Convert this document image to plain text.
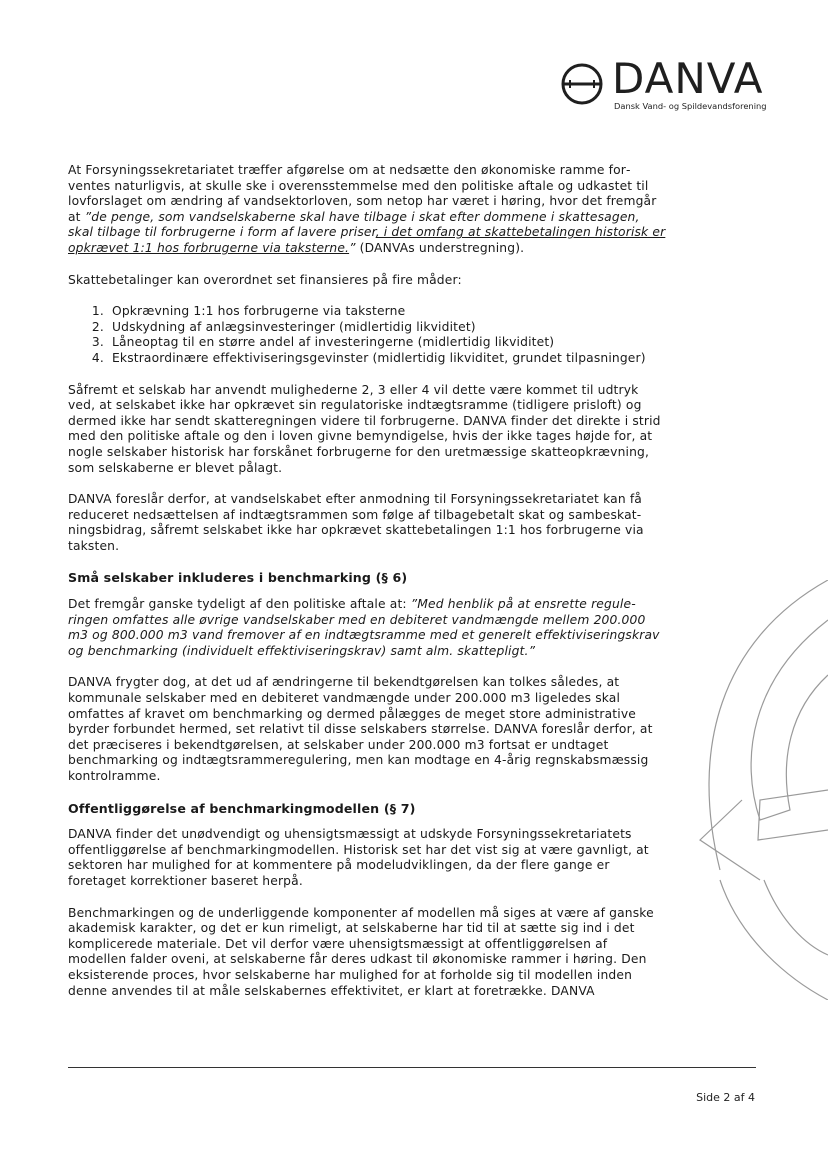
DANVA
Dansk Vand- og Spildevandsforening

At Forsyningssekretariatet træffer afgørelse om at nedsætte den økonomiske ramme forventes naturligvis, at skulle ske i overensstemmelse med den politiske aftale og udkastet til lovforslaget om ændring af vandsektorloven, som netop har været i høring, hvor det fremgår at ”de penge, som vandselskaberne skal have tilbage i skat efter dommene i skattesagen, skal tilbage til forbrugerne i form af lavere priser, i det omfang at skattebetalingen historisk er opkrævet 1:1 hos forbrugerne via taksterne.” (DANVAs understregning).

Skattebetalinger kan overordnet set finansieres på fire måder:

1. Opkrævning 1:1 hos forbrugerne via taksterne
2. Udskydning af anlægsinvesteringer (midlertidig likviditet)
3. Låneoptag til en større andel af investeringerne (midlertidig likviditet)
4. Ekstraordinære effektiviseringsgevinster (midlertidig likviditet, grundet tilpasninger)

Såfremt et selskab har anvendt mulighederne 2, 3 eller 4 vil dette være kommet til udtryk ved, at selskabet ikke har opkrævet sin regulatoriske indtægtsramme (tidligere prisloft) og dermed ikke har sendt skatteregningen videre til forbrugerne. DANVA finder det direkte i strid med den politiske aftale og den i loven givne bemyndigelse, hvis der ikke tages højde for, at nogle selskaber historisk har forskånet forbrugerne for den uretmæssige skatteopkrævning, som selskaberne er blevet pålagt.

DANVA foreslår derfor, at vandselskabet efter anmodning til Forsyningssekretariatet kan få reduceret nedsættelsen af indtægtsrammen som følge af tilbagebetalt skat og sambeskatningsbidrag, såfremt selskabet ikke har opkrævet skattebetalingen 1:1 hos forbrugerne via taksten.

Små selskaber inkluderes i benchmarking (§ 6)

Det fremgår ganske tydeligt af den politiske aftale at: ”Med henblik på at ensrette reguleringen omfattes alle øvrige vandselskaber med en debiteret vandmængde mellem 200.000 m3 og 800.000 m3 vand fremover af en indtægtsramme med et generelt effektiviseringskrav og benchmarking (individuelt effektiviseringskrav) samt alm. skattepligt.”

DANVA frygter dog, at det ud af ændringerne til bekendtgørelsen kan tolkes således, at kommunale selskaber med en debiteret vandmængde under 200.000 m3 ligeledes skal omfattes af kravet om benchmarking og dermed pålægges de meget store administrative byrder forbundet hermed, set relativt til disse selskabers størrelse. DANVA foreslår derfor, at det præciseres i bekendtgørelsen, at selskaber under 200.000 m3 fortsat er undtaget benchmarking og indtægtsrammeregulering, men kan modtage en 4-årig regnskabsmæssig kontrolramme.

Offentliggørelse af benchmarkingmodellen (§ 7)

DANVA finder det unødvendigt og uhensigtsmæssigt at udskyde Forsyningssekretariatets offentliggørelse af benchmarkingmodellen. Historisk set har det vist sig at være gavnligt, at sektoren har mulighed for at kommentere på modeludviklingen, da der flere gange er foretaget korrektioner baseret herpå.

Benchmarkingen og de underliggende komponenter af modellen må siges at være af ganske akademisk karakter, og det er kun rimeligt, at selskaberne har tid til at sætte sig ind i det komplicerede materiale. Det vil derfor være uhensigtsmæssigt at offentliggørelsen af modellen falder oveni, at selskaberne får deres udkast til økonomiske rammer i høring. Den eksisterende proces, hvor selskaberne har mulighed for at forholde sig til modellen inden denne anvendes til at måle selskabernes effektivitet, er klart at foretrække. DANVA

Side 2 af 4
